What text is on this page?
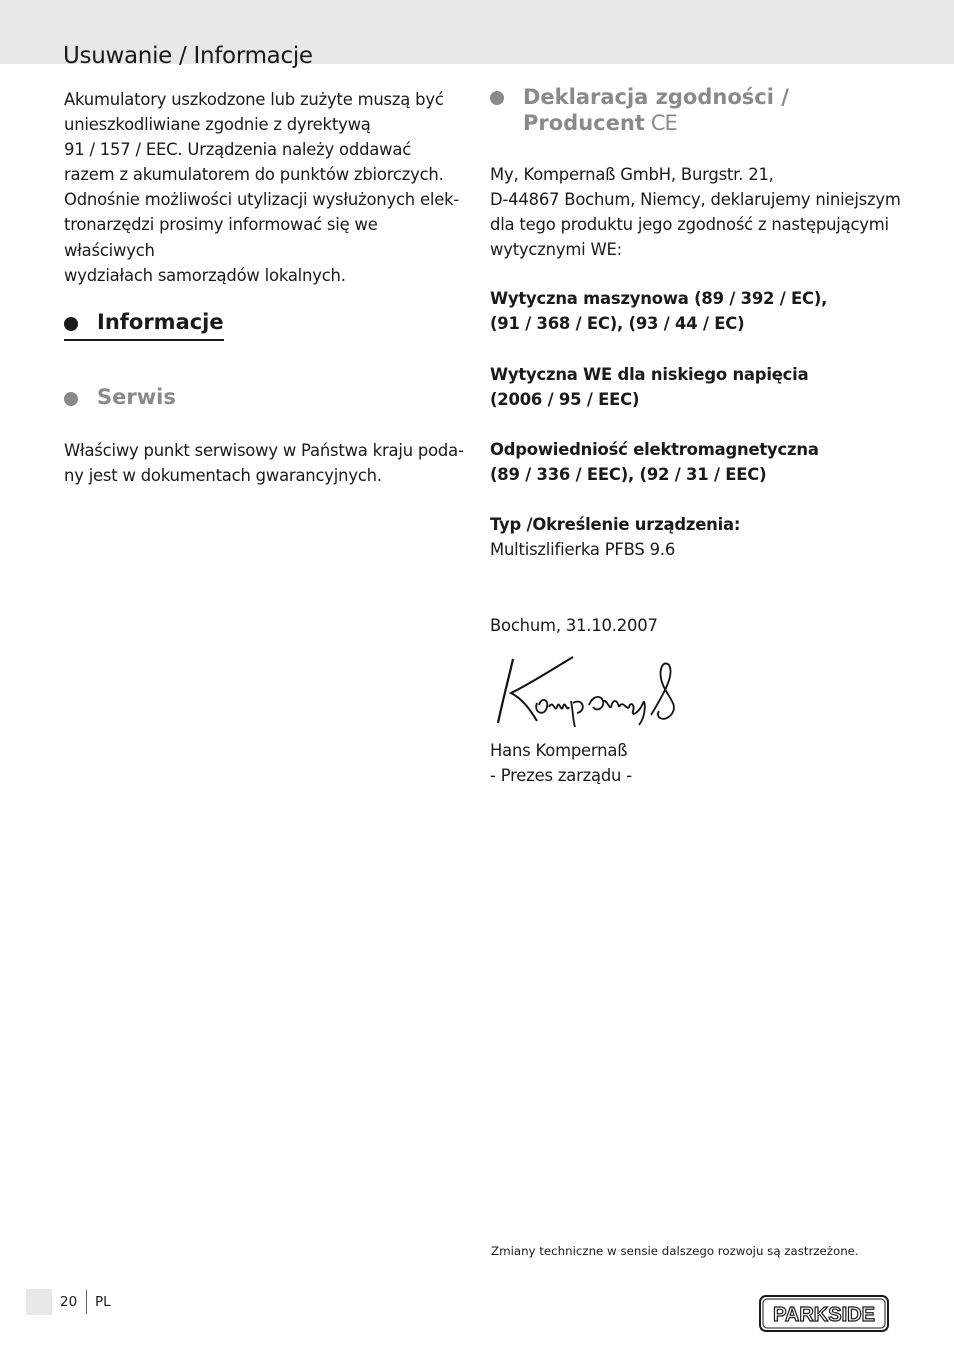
Usuwanie / Informacje

Akumulatory uszkodzone lub zużyte muszą być
unieszkodliwiane zgodnie z dyrektywą
91 / 157 / EEC. Urządzenia należy oddawać
razem z akumulatorem do punktów zbiorczych.
Odnośnie możliwości utylizacji wysłużonych elek-
tronarzędzi prosimy informować się we właściwych
wydziałach samorządów lokalnych.

Informacje
Serwis

Właściwy punkt serwisowy w Państwa kraju poda-
ny jest w dokumentach gwarancyjnych.

Deklaracja zgodności /
Producent CE

My, Kompernaß GmbH, Burgstr. 21,
D-44867 Bochum, Niemcy, deklarujemy niniejszym
dla tego produktu jego zgodność z następującymi
wytycznymi WE:

Wytyczna maszynowa (89 / 392 / EC),
(91 / 368 / EC), (93 / 44 / EC)

Wytyczna WE dla niskiego napięcia
(2006 / 95 / EEC)

Odpowiedniość elektromagnetyczna
(89 / 336 / EEC), (92 / 31 / EEC)

Typ /Określenie urządzenia:
Multiszlifierka PFBS 9.6

Bochum, 31.10.2007

Hans Kompernaß
- Prezes zarządu -

Zmiany techniczne w sensie dalszego rozwoju są zastrzeżone.
20 PL
PARKSIDE
